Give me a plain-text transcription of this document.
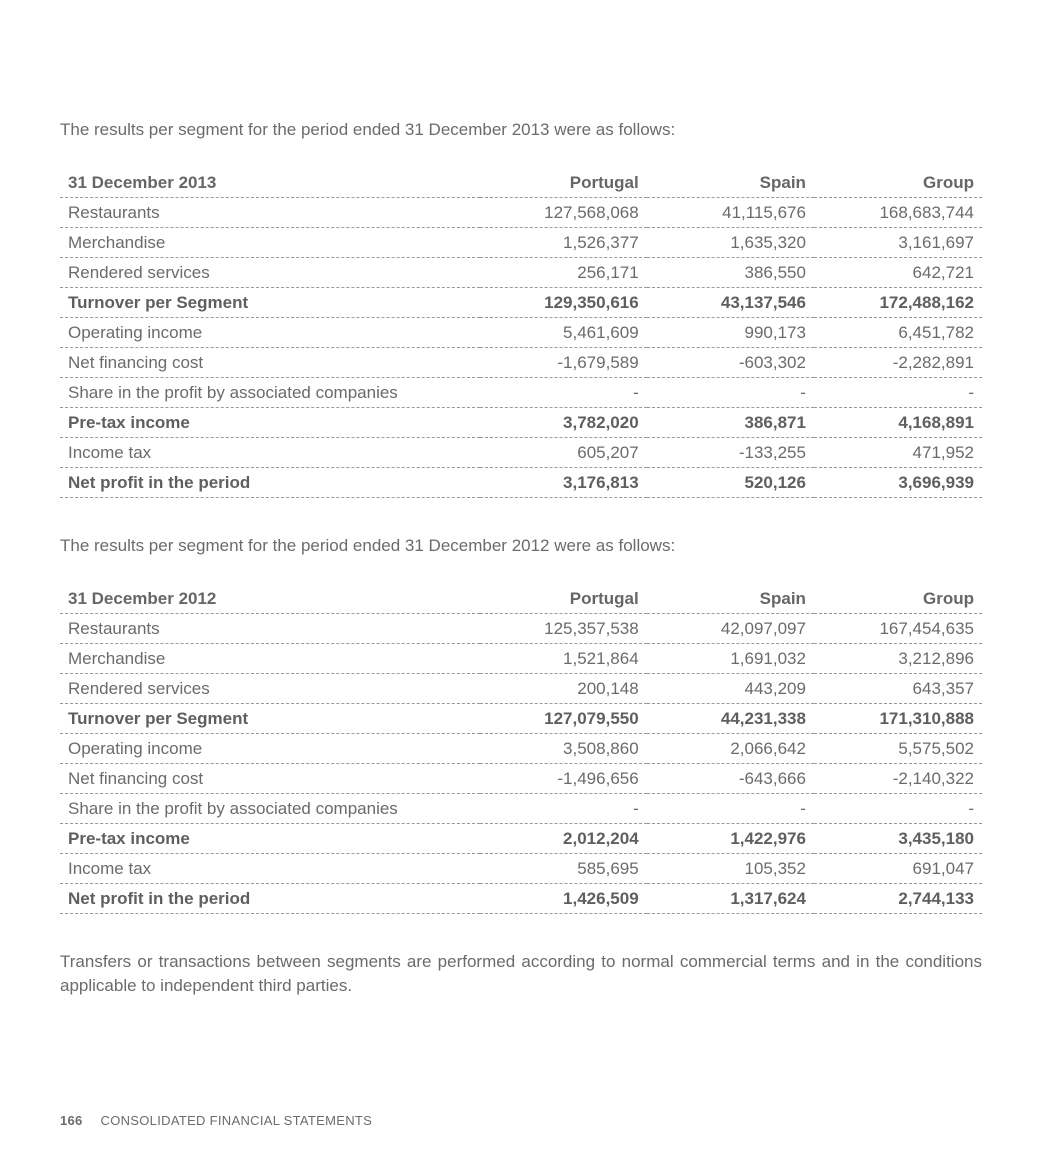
The results per segment for the period ended 31 December 2013 were as follows:

31 December 2013	Portugal	Spain	Group
Restaurants	127,568,068	41,115,676	168,683,744
Merchandise	1,526,377	1,635,320	3,161,697
Rendered services	256,171	386,550	642,721
Turnover per Segment	129,350,616	43,137,546	172,488,162
Operating income	5,461,609	990,173	6,451,782
Net financing cost	-1,679,589	-603,302	-2,282,891
Share in the profit by associated companies	-	-	-
Pre-tax income	3,782,020	386,871	4,168,891
Income tax	605,207	-133,255	471,952
Net profit in the period	3,176,813	520,126	3,696,939

The results per segment for the period ended 31 December 2012 were as follows:

31 December 2012	Portugal	Spain	Group
Restaurants	125,357,538	42,097,097	167,454,635
Merchandise	1,521,864	1,691,032	3,212,896
Rendered services	200,148	443,209	643,357
Turnover per Segment	127,079,550	44,231,338	171,310,888
Operating income	3,508,860	2,066,642	5,575,502
Net financing cost	-1,496,656	-643,666	-2,140,322
Share in the profit by associated companies	-	-	-
Pre-tax income	2,012,204	1,422,976	3,435,180
Income tax	585,695	105,352	691,047
Net profit in the period	1,426,509	1,317,624	2,744,133

Transfers or transactions between segments are performed according to normal commercial terms and in the conditions applicable to independent third parties.

166 CONSOLIDATED FINANCIAL STATEMENTS
